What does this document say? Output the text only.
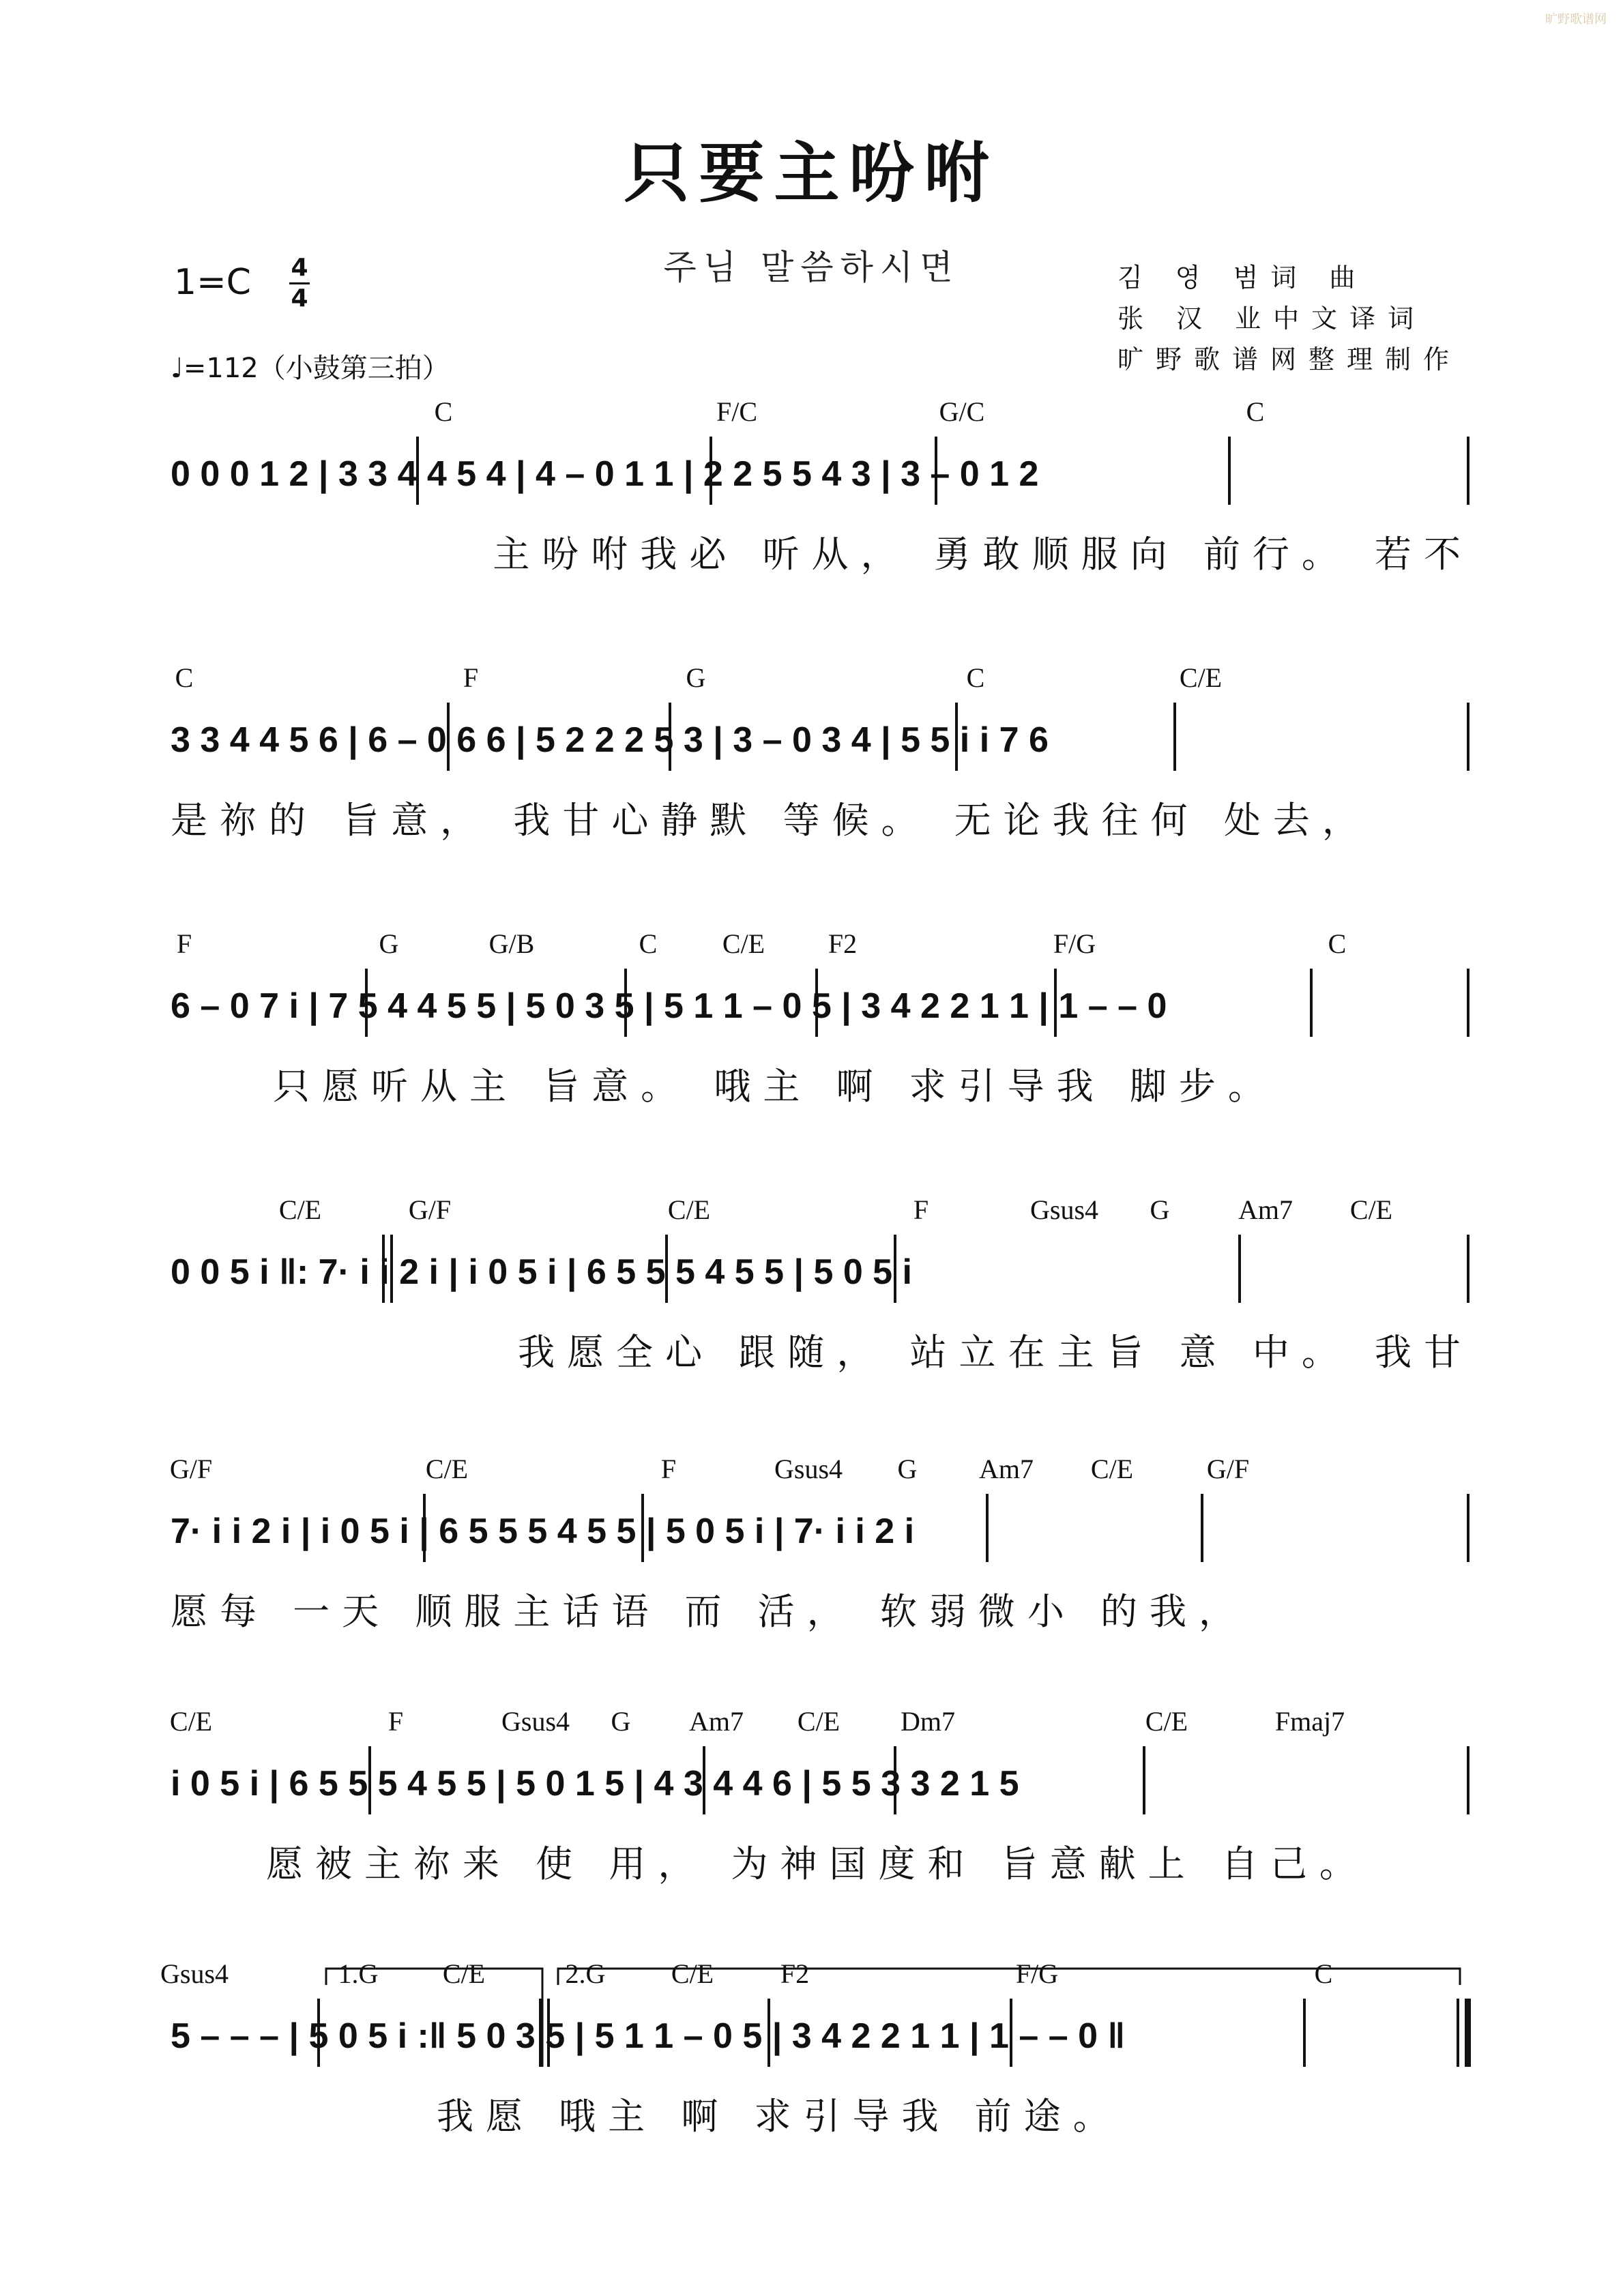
旷野歌谱网
只要主吩咐
주님 말씀하시면
1=C 4
4
♩=112（小鼓第三拍）
김 영 범词 曲
张 汉 业中文译词
旷野歌谱网整理制作
C	F/C	G/C	C
0 0 0 1 2 | 3 3 4 4 5 4 | 4 – 0 1 1 | 2 2 5 5 4 3 | 3 – 0 1 2
主吩咐我必 听从， 勇敢顺服向 前行。 若不
C	F	G	C	C/E
3 3 4 4 5 6 | 6 – 0 6 6 | 5 2 2 2 5 3 | 3 – 0 3 4 | 5 5 i i 7 6
是祢的 旨意， 我甘心静默 等候。 无论我往何 处去，
F	G	G/B	C C/E F2	F/G	C
6 – 0 7 i | 7 5 4 4 5 5 | 5 0 3 5 | 5 1 1 – 0 5 | 3 4 2 2 1 1 | 1 – – 0
只愿听从主 旨意。 哦主 啊 求引导我 脚步。
C/E	G/F	C/E	F	Gsus4 G	Am7 C/E
0 0 5 i ‖: 7· i i 2 i | i 0 5 i | 6 5 5 5 4 5 5 | 5 0 5 i
我愿全心 跟随， 站立在主旨 意 中。 我甘
G/F	C/E	F	Gsus4 G Am7 C/E	G/F
7· i i 2 i | i 0 5 i | 6 5 5 5 4 5 5 | 5 0 5 i | 7· i i 2 i
愿每 一天 顺服主话语 而 活， 软弱微小 的我，
C/E	F	Gsus4 G Am7 C/E Dm7	C/E	Fmaj7
i 0 5 i | 6 5 5 5 4 5 5 | 5 0 1 5 | 4 3 4 4 6 | 5 5 3 3 2 1 5
愿被主祢来 使 用， 为神国度和 旨意献上 自己。
Gsus4	1.G C/E	2.G C/E F2	F/G	C
5 – – – | 5 0 5 i :‖ 5 0 3 5 | 5 1 1 – 0 5 | 3 4 2 2 1 1 | 1 – – 0 ‖
我愿 哦主 啊 求引导我 前途。
